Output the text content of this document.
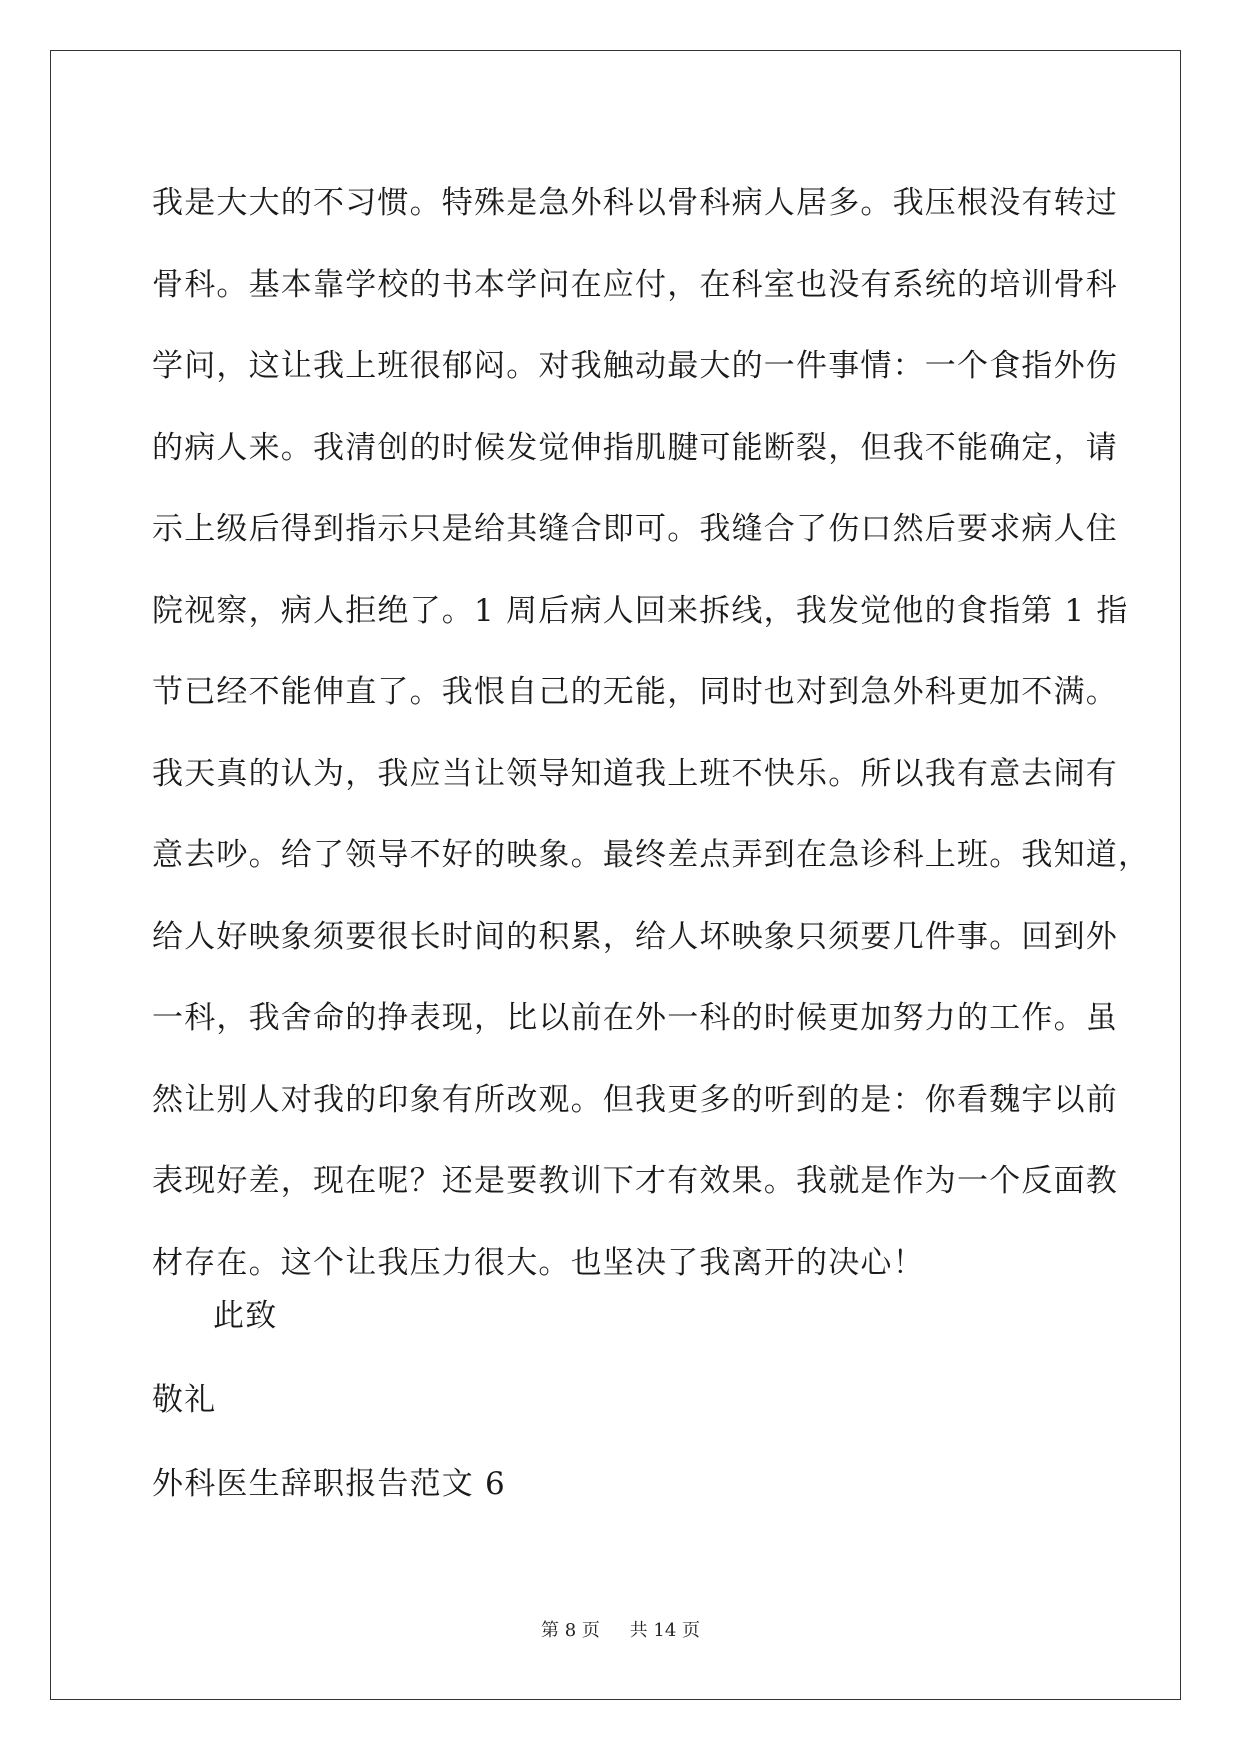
我是大大的不习惯。特殊是急外科以骨科病人居多。我压根没有转过
骨科。基本靠学校的书本学问在应付，在科室也没有系统的培训骨科
学问，这让我上班很郁闷。对我触动最大的一件事情：一个食指外伤
的病人来。我清创的时候发觉伸指肌腱可能断裂，但我不能确定，请
示上级后得到指示只是给其缝合即可。我缝合了伤口然后要求病人住
院视察，病人拒绝了。1 周后病人回来拆线，我发觉他的食指第 1 指
节已经不能伸直了。我恨自己的无能，同时也对到急外科更加不满。
我天真的认为，我应当让领导知道我上班不快乐。所以我有意去闹有
意去吵。给了领导不好的映象。最终差点弄到在急诊科上班。我知道，
给人好映象须要很长时间的积累，给人坏映象只须要几件事。回到外
一科，我舍命的挣表现，比以前在外一科的时候更加努力的工作。虽
然让别人对我的印象有所改观。但我更多的听到的是：你看魏宇以前
表现好差，现在呢？还是要教训下才有效果。我就是作为一个反面教
材存在。这个让我压力很大。也坚决了我离开的决心！
此致
敬礼
外科医生辞职报告范文 6
第 8 页 共 14 页
